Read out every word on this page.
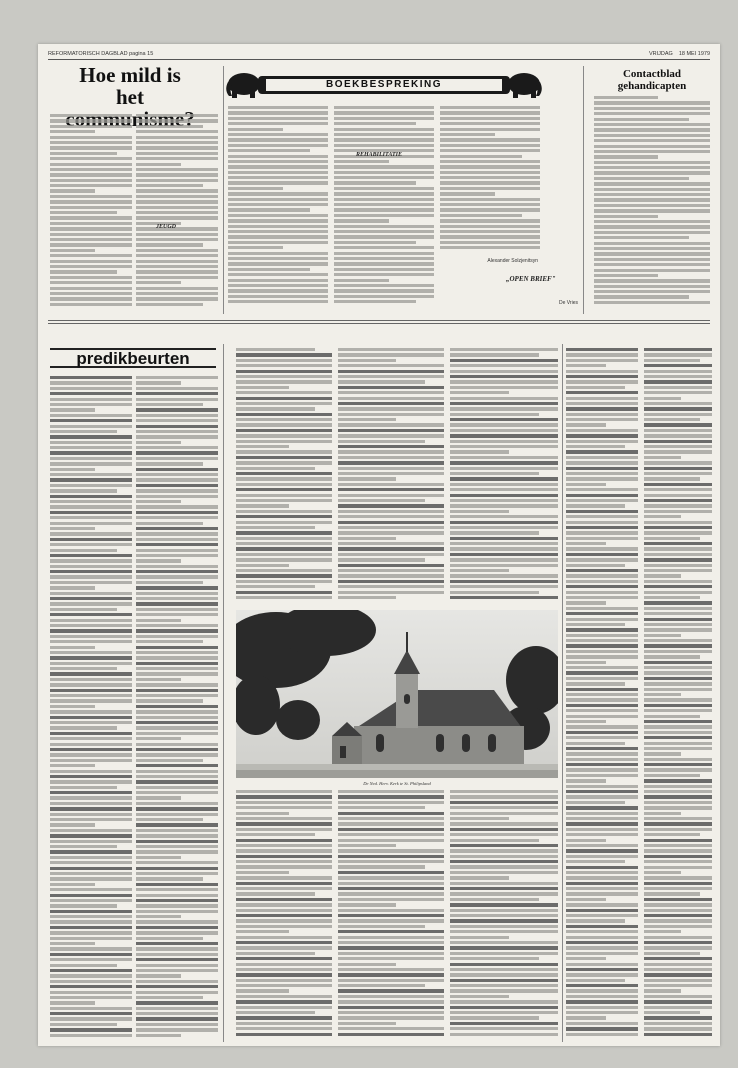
REFORMATORISCH DAGBLAD pagina 15	VRIJDAG 18 MEI 1979
Hoe mild is
het
JEUGD
BOEKBESPREKING
REHABILITATIE
„OPEN BRIEF"
Alexander Solzjenitsyn
De Vries
Contactblad
gehandicapten
predikbeurten
De Ned. Herv. Kerk te St. Philipsland
